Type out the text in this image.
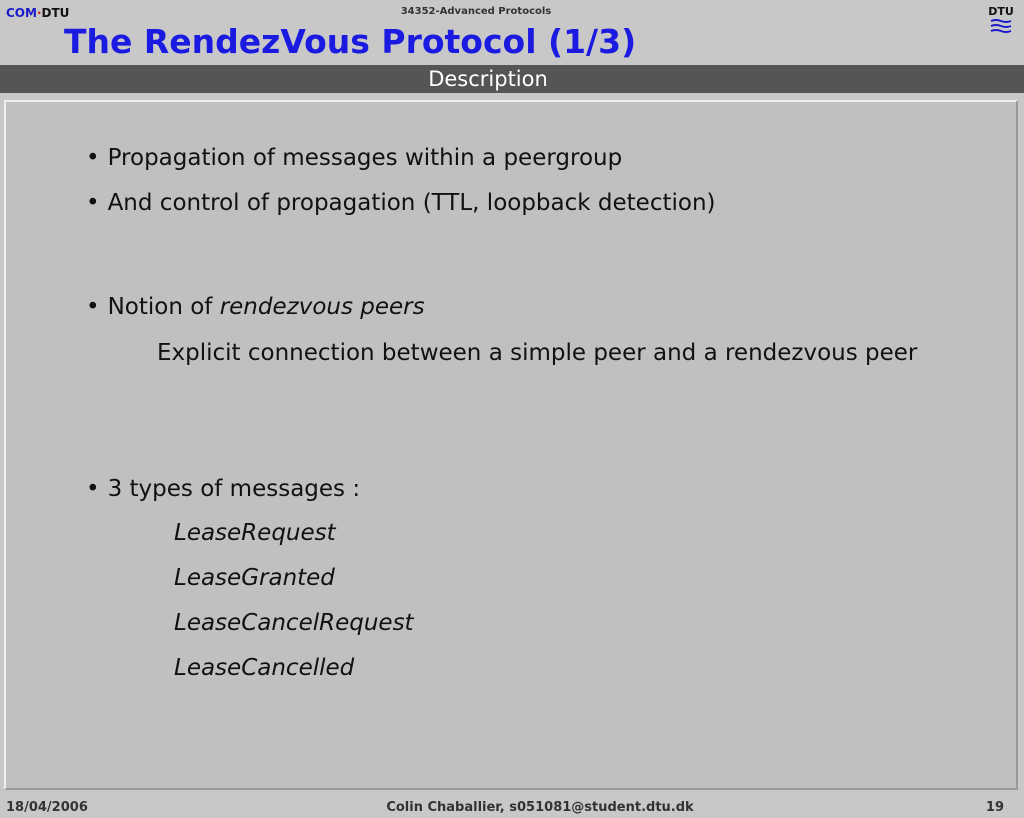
COM·DTU	34352-Advanced Protocols
The RendezVous Protocol (1/3)
DTU
Description
• Propagation of messages within a peergroup
• And control of propagation (TTL, loopback detection)
• Notion of rendezvous peers
Explicit connection between a simple peer and a rendezvous peer
• 3 types of messages :
LeaseRequest
LeaseGranted
LeaseCancelRequest
LeaseCancelled
18/04/2006	Colin Chaballier, s051081@student.dtu.dk	19
